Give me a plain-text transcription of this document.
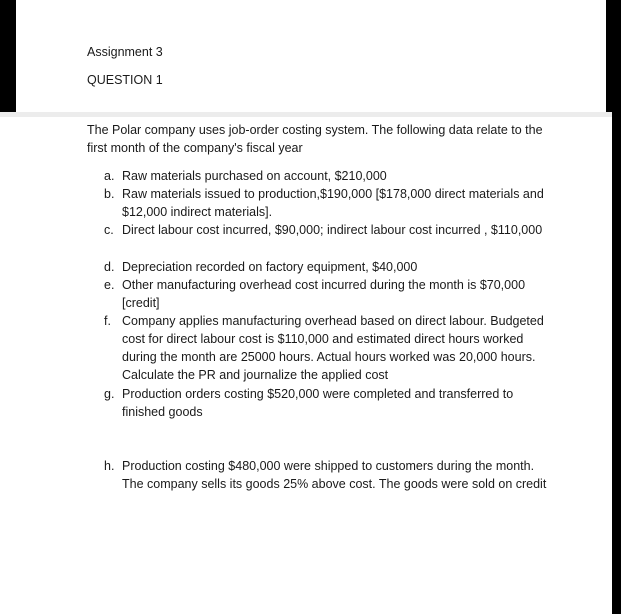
Assignment 3
QUESTION 1

The Polar company uses job-order costing system. The following data relate to the first month of the company's fiscal year

a. Raw materials purchased on account, $210,000
b. Raw materials issued to production,$190,000 [$178,000 direct materials and $12,000 indirect materials].
c. Direct labour cost incurred, $90,000; indirect labour cost incurred , $110,000
d. Depreciation recorded on factory equipment, $40,000
e. Other manufacturing overhead cost incurred during the month is $70,000 [credit]
f. Company applies manufacturing overhead based on direct labour. Budgeted cost for direct labour cost is $110,000 and estimated direct hours worked during the month are 25000 hours. Actual hours worked was 20,000 hours. Calculate the PR and journalize the applied cost
g. Production orders costing $520,000 were completed and transferred to finished goods
h. Production costing $480,000 were shipped to customers during the month. The company sells its goods 25% above cost. The goods were sold on credit
